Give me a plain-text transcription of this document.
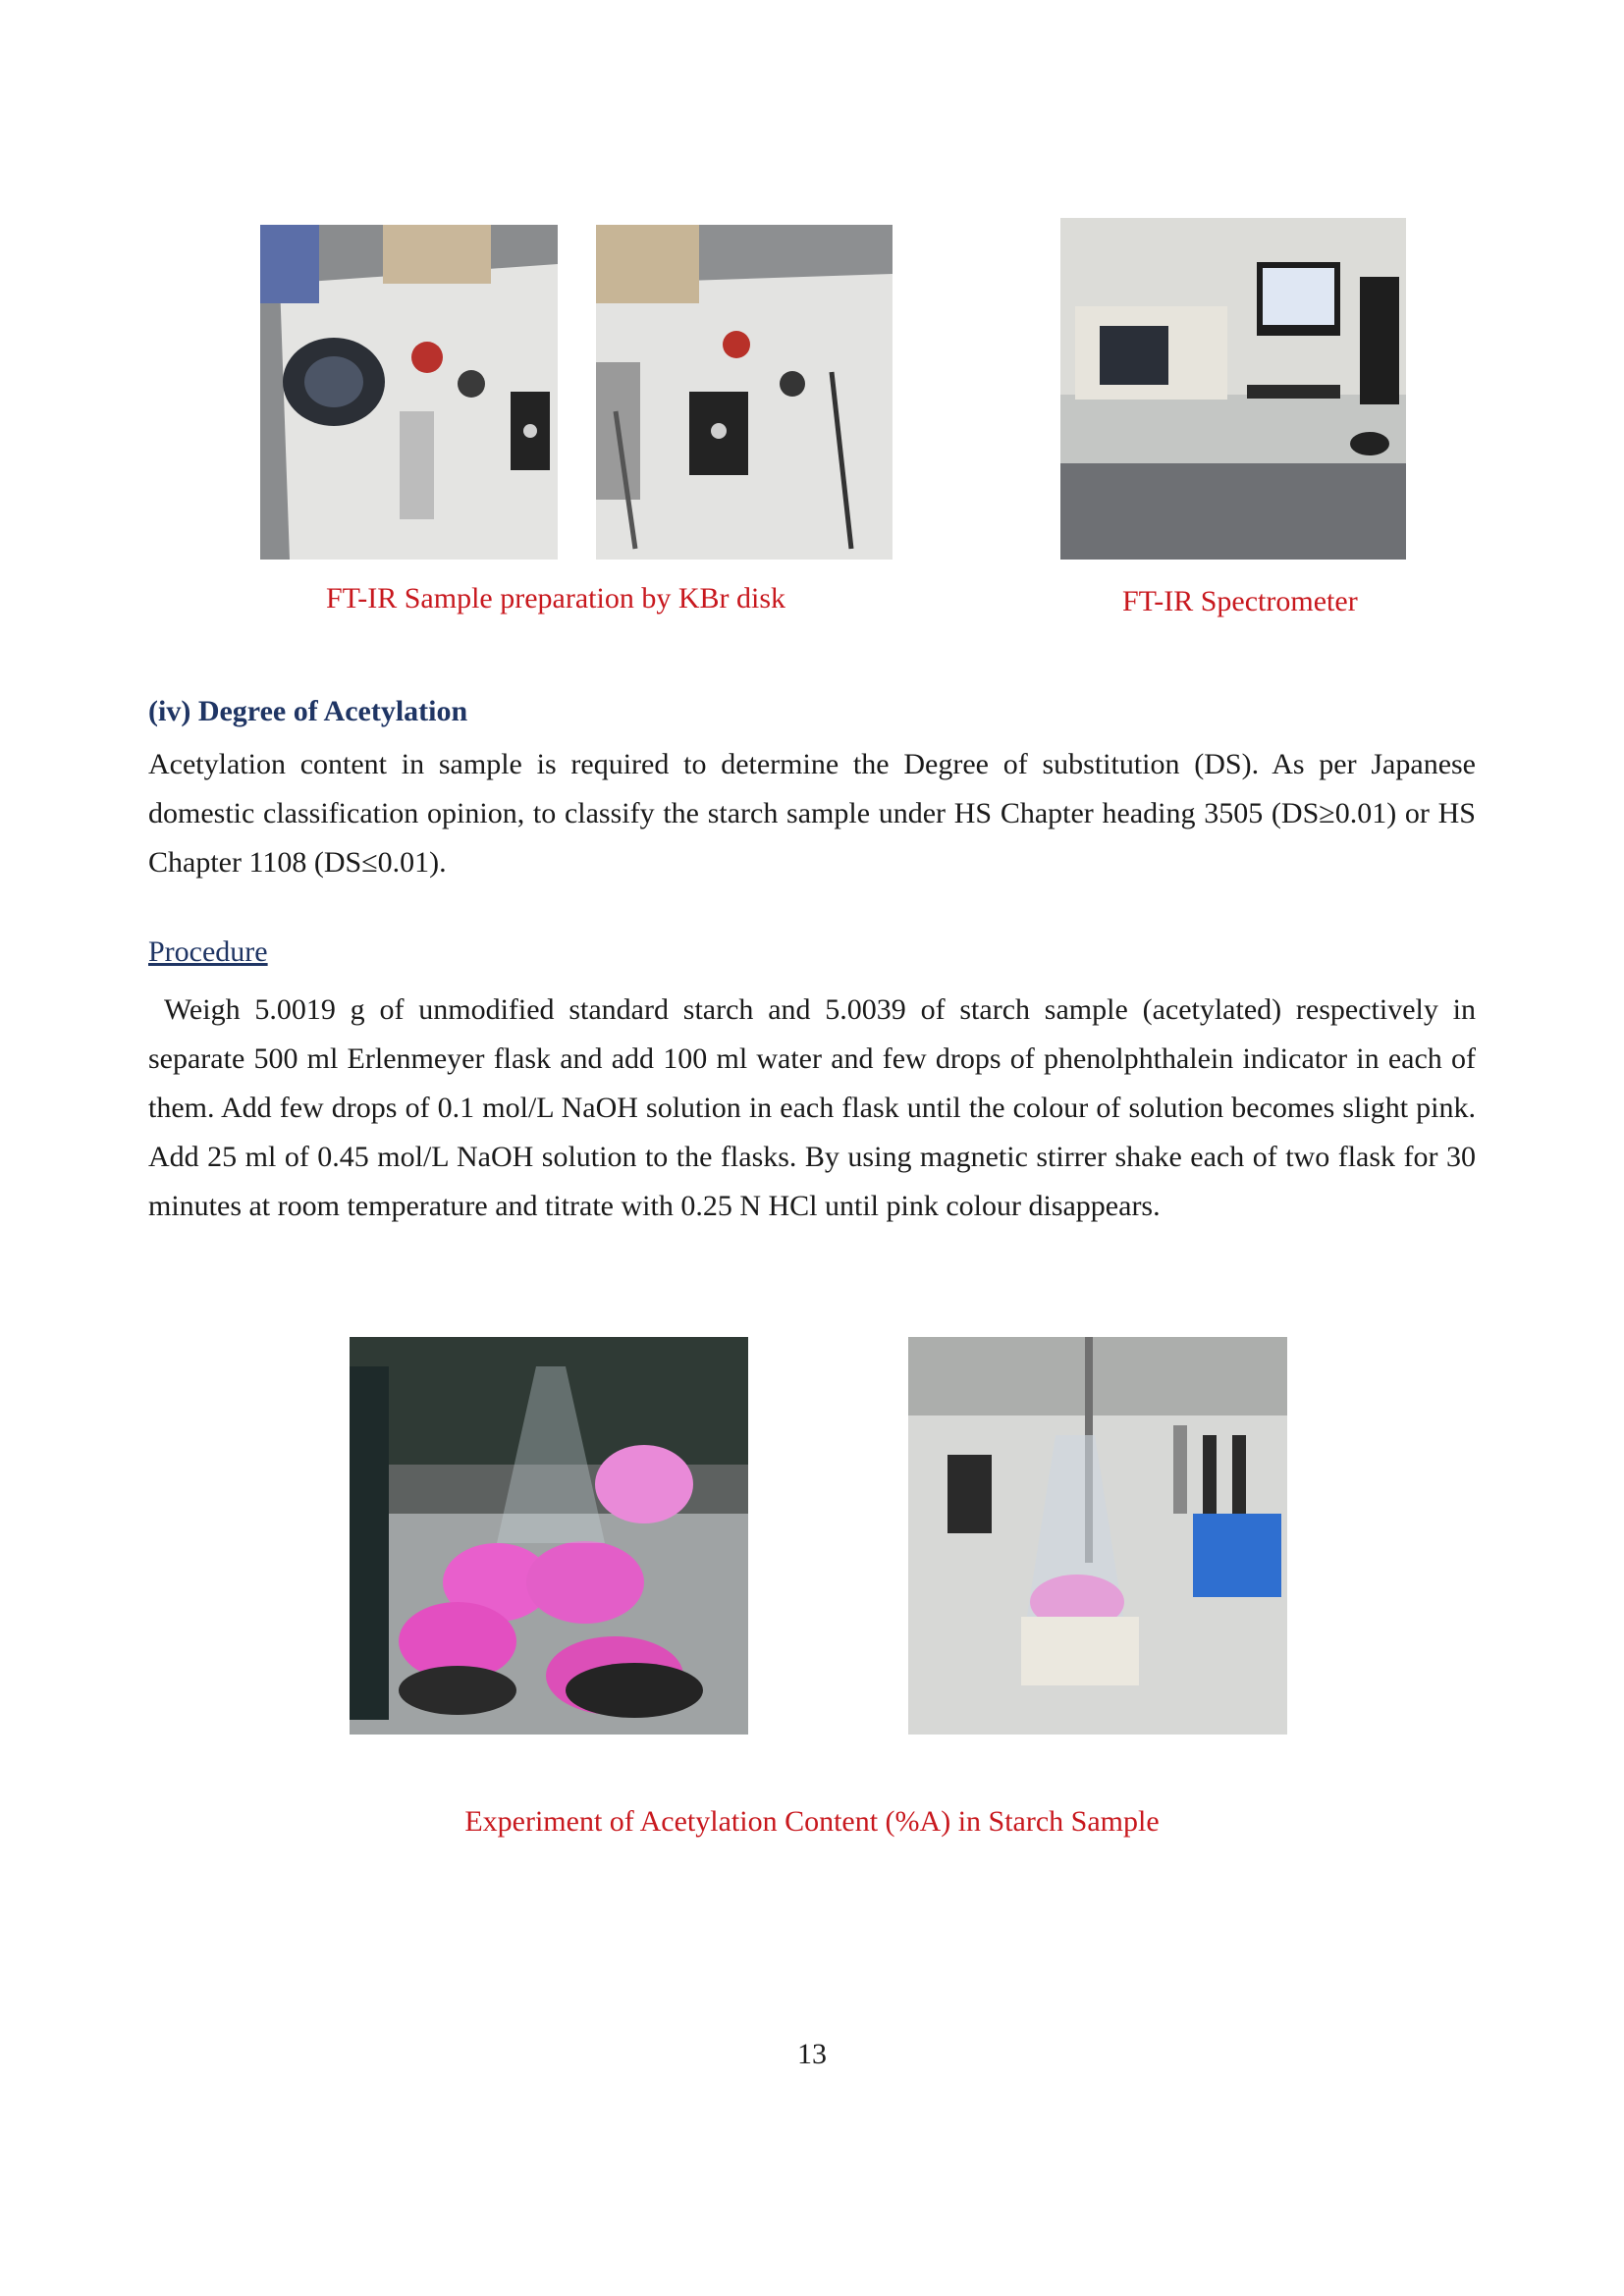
FT-IR Sample preparation by KBr disk	FT-IR Spectrometer
(iv) Degree of Acetylation

Acetylation content in sample is required to determine the Degree of substitution (DS). As per Japanese domestic classification opinion, to classify the starch sample under HS Chapter heading 3505 (DS≥0.01) or HS Chapter 1108 (DS≤0.01).

Procedure

Weigh 5.0019 g of unmodified standard starch and 5.0039 of starch sample (acetylated) respectively in separate 500 ml Erlenmeyer flask and add 100 ml water and few drops of phenolphthalein indicator in each of them. Add few drops of 0.1 mol/L NaOH solution in each flask until the colour of solution becomes slight pink. Add 25 ml of 0.45 mol/L NaOH solution to the flasks. By using magnetic stirrer shake each of two flask for 30 minutes at room temperature and titrate with 0.25 N HCl until pink colour disappears.

Experiment of Acetylation Content (%A) in Starch Sample
13
